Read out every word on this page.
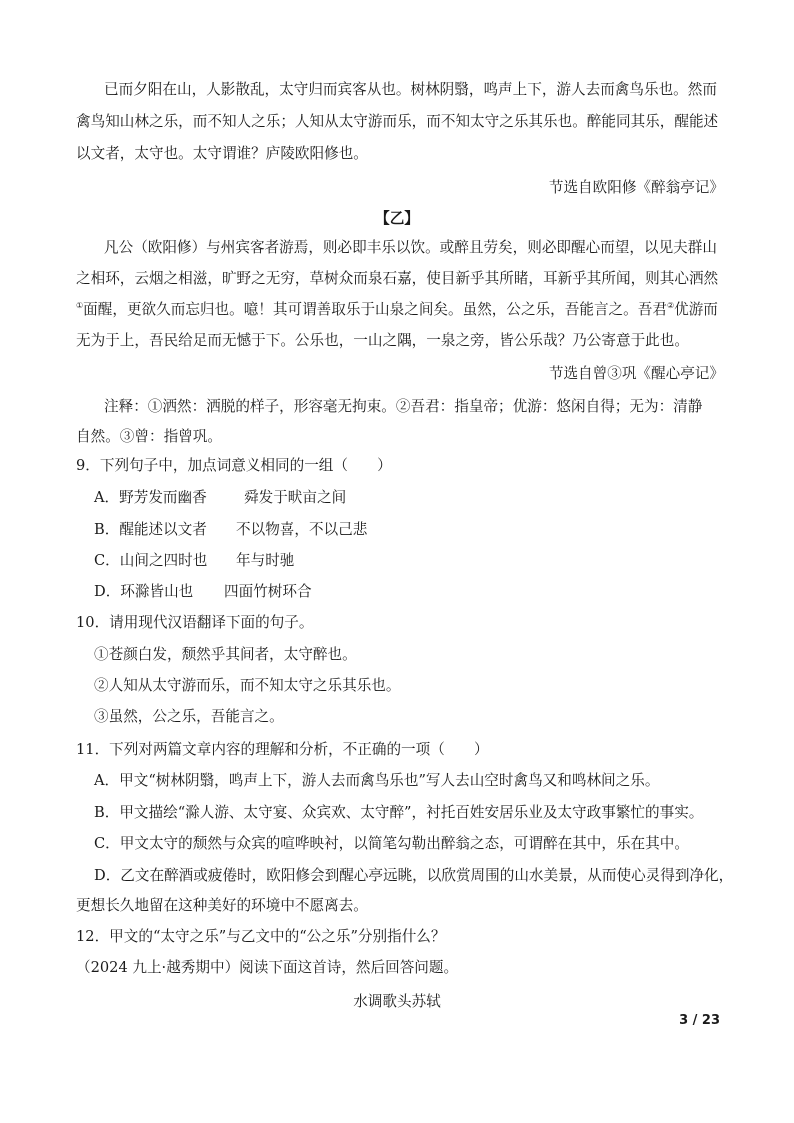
已而夕阳在山，人影散乱，太守归而宾客从也。树林阴翳，鸣声上下，游人去而禽鸟乐也。然而
禽鸟知山林之乐，而不知人之乐；人知从太守游而乐，而不知太守之乐其乐也。醉能同其乐，醒能述
以文者，太守也。太守谓谁？庐陵欧阳修也。
节选自欧阳修《醉翁亭记》
【乙】
凡公（欧阳修）与州宾客者游焉，则必即丰乐以饮。或醉且劳矣，则必即醒心而望，以见夫群山
之相环，云烟之相滋，旷野之无穷，草树众而泉石嘉，使目新乎其所睹，耳新乎其所闻，则其心洒然
①面醒，更欲久而忘归也。噫！其可谓善取乐于山泉之间矣。虽然，公之乐，吾能言之。吾君②优游而
无为于上，吾民给足而无憾于下。公乐也，一山之隅，一泉之旁，皆公乐哉？乃公寄意于此也。
节选自曾③巩《醒心亭记》
注释：①洒然：洒脱的样子，形容毫无拘束。②吾君：指皇帝；优游：悠闲自得；无为：清静
自然。③曾：指曾巩。
9．下列句子中，加点词意义相同的一组（　　）
A．野芳发而幽香	舜发于畎亩之间
B．醒能述以文者 不以物喜，不以己悲
C．山间之四时也 年与时驰
D．环滁皆山也 四面竹树环合
10．请用现代汉语翻译下面的句子。
①苍颜白发，颓然乎其间者，太守醉也。
②人知从太守游而乐，而不知太守之乐其乐也。
③虽然，公之乐，吾能言之。
11．下列对两篇文章内容的理解和分析，不正确的一项（　　）
A．甲文“树林阴翳，鸣声上下，游人去而禽鸟乐也”写人去山空时禽鸟又和鸣林间之乐。
B．甲文描绘“滁人游、太守宴、众宾欢、太守醉”，衬托百姓安居乐业及太守政事繁忙的事实。
C．甲文太守的颓然与众宾的喧哗映衬，以简笔勾勒出醉翁之态，可谓醉在其中，乐在其中。
D．乙文在醉酒或疲倦时，欧阳修会到醒心亭远眺，以欣赏周围的山水美景，从而使心灵得到净化，
更想长久地留在这种美好的环境中不愿离去。
12．甲文的“太守之乐”与乙文中的“公之乐”分别指什么？
（2024 九上·越秀期中）阅读下面这首诗，然后回答问题。
水调歌头苏轼
3 / 23
